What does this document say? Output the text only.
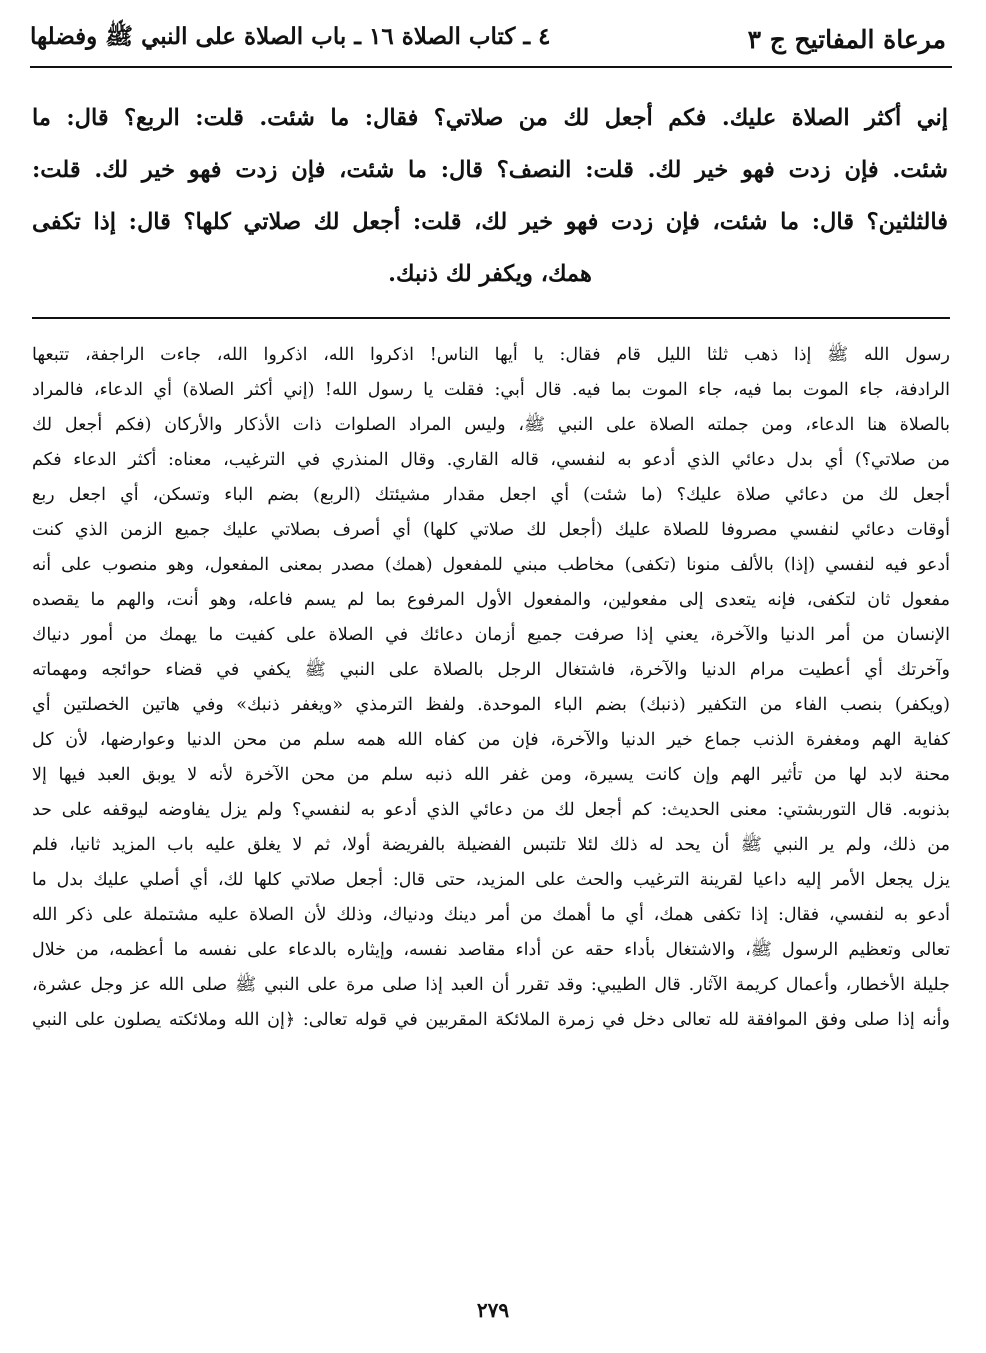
مرعاة المفاتيح ج ٣
٤ ـ كتاب الصلاة ١٦ ـ باب الصلاة على النبي ﷺ وفضلها
إني أكثر الصلاة عليك. فكم أجعل لك من صلاتي؟ فقال: ما شئت. قلت: الربع؟ قال: ما
شئت. فإن زدت فهو خير لك. قلت: النصف؟ قال: ما شئت، فإن زدت فهو خير لك. قلت:
فالثلثين؟ قال: ما شئت، فإن زدت فهو خير لك، قلت: أجعل لك صلاتي كلها؟ قال: إذا تكفى
همك، ويكفر لك ذنبك.
رسول الله ﷺ إذا ذهب ثلثا الليل قام فقال: يا أيها الناس! اذكروا الله، اذكروا الله، جاءت الراجفة، تتبعها
الرادفة، جاء الموت بما فيه، جاء الموت بما فيه. قال أبي: فقلت يا رسول الله! (إني أكثر الصلاة) أي الدعاء، فالمراد
بالصلاة هنا الدعاء، ومن جملته الصلاة على النبي ﷺ، وليس المراد الصلوات ذات الأذكار والأركان (فكم أجعل لك
من صلاتي؟) أي بدل دعائي الذي أدعو به لنفسي، قاله القاري. وقال المنذري في الترغيب، معناه: أكثر الدعاء فكم
أجعل لك من دعائي صلاة عليك؟ (ما شئت) أي اجعل مقدار مشيئتك (الربع) بضم الباء وتسكن، أي اجعل ربع
أوقات دعائي لنفسي مصروفا للصلاة عليك (أجعل لك صلاتي كلها) أي أصرف بصلاتي عليك جميع الزمن الذي كنت
أدعو فيه لنفسي (إذا) بالألف منونا (تكفى) مخاطب مبني للمفعول (همك) مصدر بمعنى المفعول، وهو منصوب على أنه
مفعول ثان لتكفى، فإنه يتعدى إلى مفعولين، والمفعول الأول المرفوع بما لم يسم فاعله، وهو أنت، والهم ما يقصده
الإنسان من أمر الدنيا والآخرة، يعني إذا صرفت جميع أزمان دعائك في الصلاة على كفيت ما يهمك من أمور دنياك
وآخرتك أي أعطيت مرام الدنيا والآخرة، فاشتغال الرجل بالصلاة على النبي ﷺ يكفي في قضاء حوائجه ومهماته
(ويكفر) بنصب الفاء من التكفير (ذنبك) بضم الباء الموحدة. ولفظ الترمذي «ويغفر ذنبك» وفي هاتين الخصلتين أي
كفاية الهم ومغفرة الذنب جماع خير الدنيا والآخرة، فإن من كفاه الله همه سلم من محن الدنيا وعوارضها، لأن كل
محنة لابد لها من تأثير الهم وإن كانت يسيرة، ومن غفر الله ذنبه سلم من محن الآخرة لأنه لا يوبق العبد فيها إلا
بذنوبه. قال التوربشتي: معنى الحديث: كم أجعل لك من دعائي الذي أدعو به لنفسي؟ ولم يزل يفاوضه ليوقفه على حد
من ذلك، ولم ير النبي ﷺ أن يحد له ذلك لئلا تلتبس الفضيلة بالفريضة أولا، ثم لا يغلق عليه باب المزيد ثانيا، فلم
يزل يجعل الأمر إليه داعيا لقرينة الترغيب والحث على المزيد، حتى قال: أجعل صلاتي كلها لك، أي أصلي عليك بدل ما
أدعو به لنفسي، فقال: إذا تكفى همك، أي ما أهمك من أمر دينك ودنياك، وذلك لأن الصلاة عليه مشتملة على ذكر الله
تعالى وتعظيم الرسول ﷺ، والاشتغال بأداء حقه عن أداء مقاصد نفسه، وإيثاره بالدعاء على نفسه ما أعظمه، من خلال
جليلة الأخطار، وأعمال كريمة الآثار. قال الطيبي: وقد تقرر أن العبد إذا صلى مرة على النبي ﷺ صلى الله عز وجل عشرة،
وأنه إذا صلى وفق الموافقة لله تعالى دخل في زمرة الملائكة المقربين في قوله تعالى: ﴿إن الله وملائكته يصلون على النبي
٢٧٩
